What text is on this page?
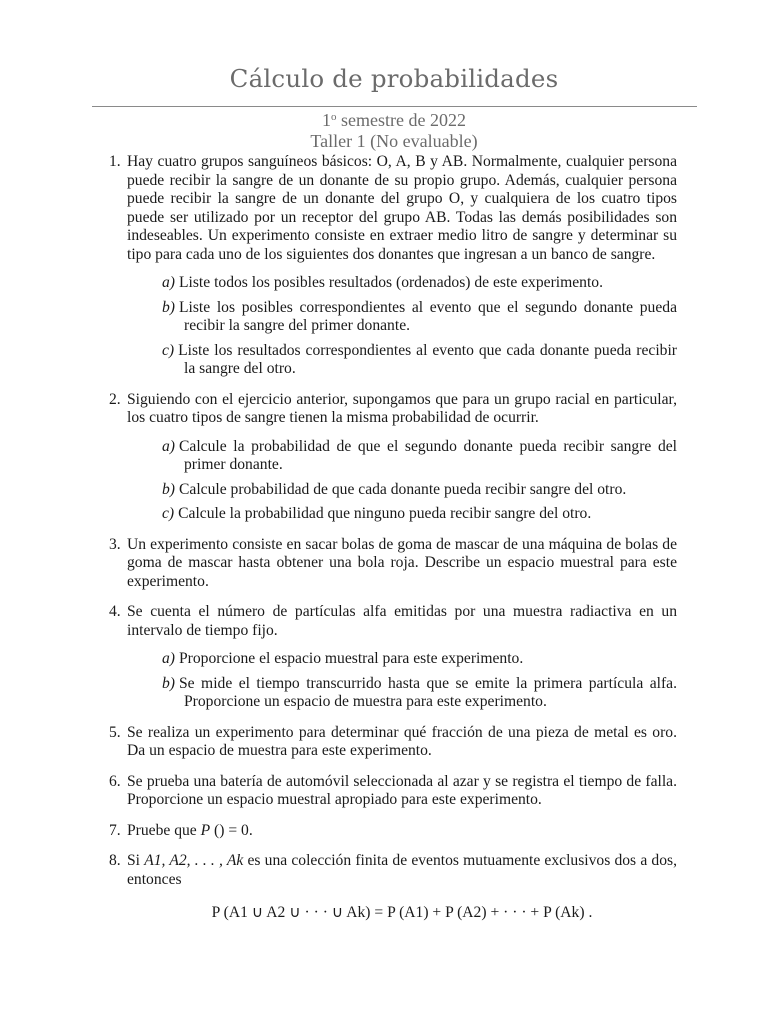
Cálculo de probabilidades
1$^o$ semestre de 2022
Taller 1 (No evaluable)
1. Hay cuatro grupos sanguíneos básicos: O, A, B y AB. Normalmente, cualquier persona puede recibir la sangre de un donante de su propio grupo. Además, cualquier persona puede recibir la sangre de un donante del grupo O, y cualquiera de los cuatro tipos puede ser utilizado por un receptor del grupo AB. Todas las demás posibilidades son indeseables. Un experimento consiste en extraer medio litro de sangre y determinar su tipo para cada uno de los siguientes dos donantes que ingresan a un banco de sangre.
a) Liste todos los posibles resultados (ordenados) de este experimento.
b) Liste los posibles correspondientes al evento que el segundo donante pueda recibir la sangre del primer donante.
c) Liste los resultados correspondientes al evento que cada donante pueda recibir la sangre del otro.
2. Siguiendo con el ejercicio anterior, supongamos que para un grupo racial en particular, los cuatro tipos de sangre tienen la misma probabilidad de ocurrir.
a) Calcule la probabilidad de que el segundo donante pueda recibir sangre del primer donante.
b) Calcule probabilidad de que cada donante pueda recibir sangre del otro.
c) Calcule la probabilidad que ninguno pueda recibir sangre del otro.
3. Un experimento consiste en sacar bolas de goma de mascar de una máquina de bolas de goma de mascar hasta obtener una bola roja. Describe un espacio muestral para este experimento.
4. Se cuenta el número de partículas alfa emitidas por una muestra radiactiva en un intervalo de tiempo fijo.
a) Proporcione el espacio muestral para este experimento.
b) Se mide el tiempo transcurrido hasta que se emite la primera partícula alfa. Proporcione un espacio de muestra para este experimento.
5. Se realiza un experimento para determinar qué fracción de una pieza de metal es oro. Da un espacio de muestra para este experimento.
6. Se prueba una batería de automóvil seleccionada al azar y se registra el tiempo de falla. Proporcione un espacio muestral apropiado para este experimento.
7. Pruebe que P () = 0.
8. Si A1, A2, . . . , Ak es una colección finita de eventos mutuamente exclusivos dos a dos, entonces
P (A1 ∪ A2 ∪ · · · ∪ Ak) = P (A1) + P (A2) + · · · + P (Ak) .
